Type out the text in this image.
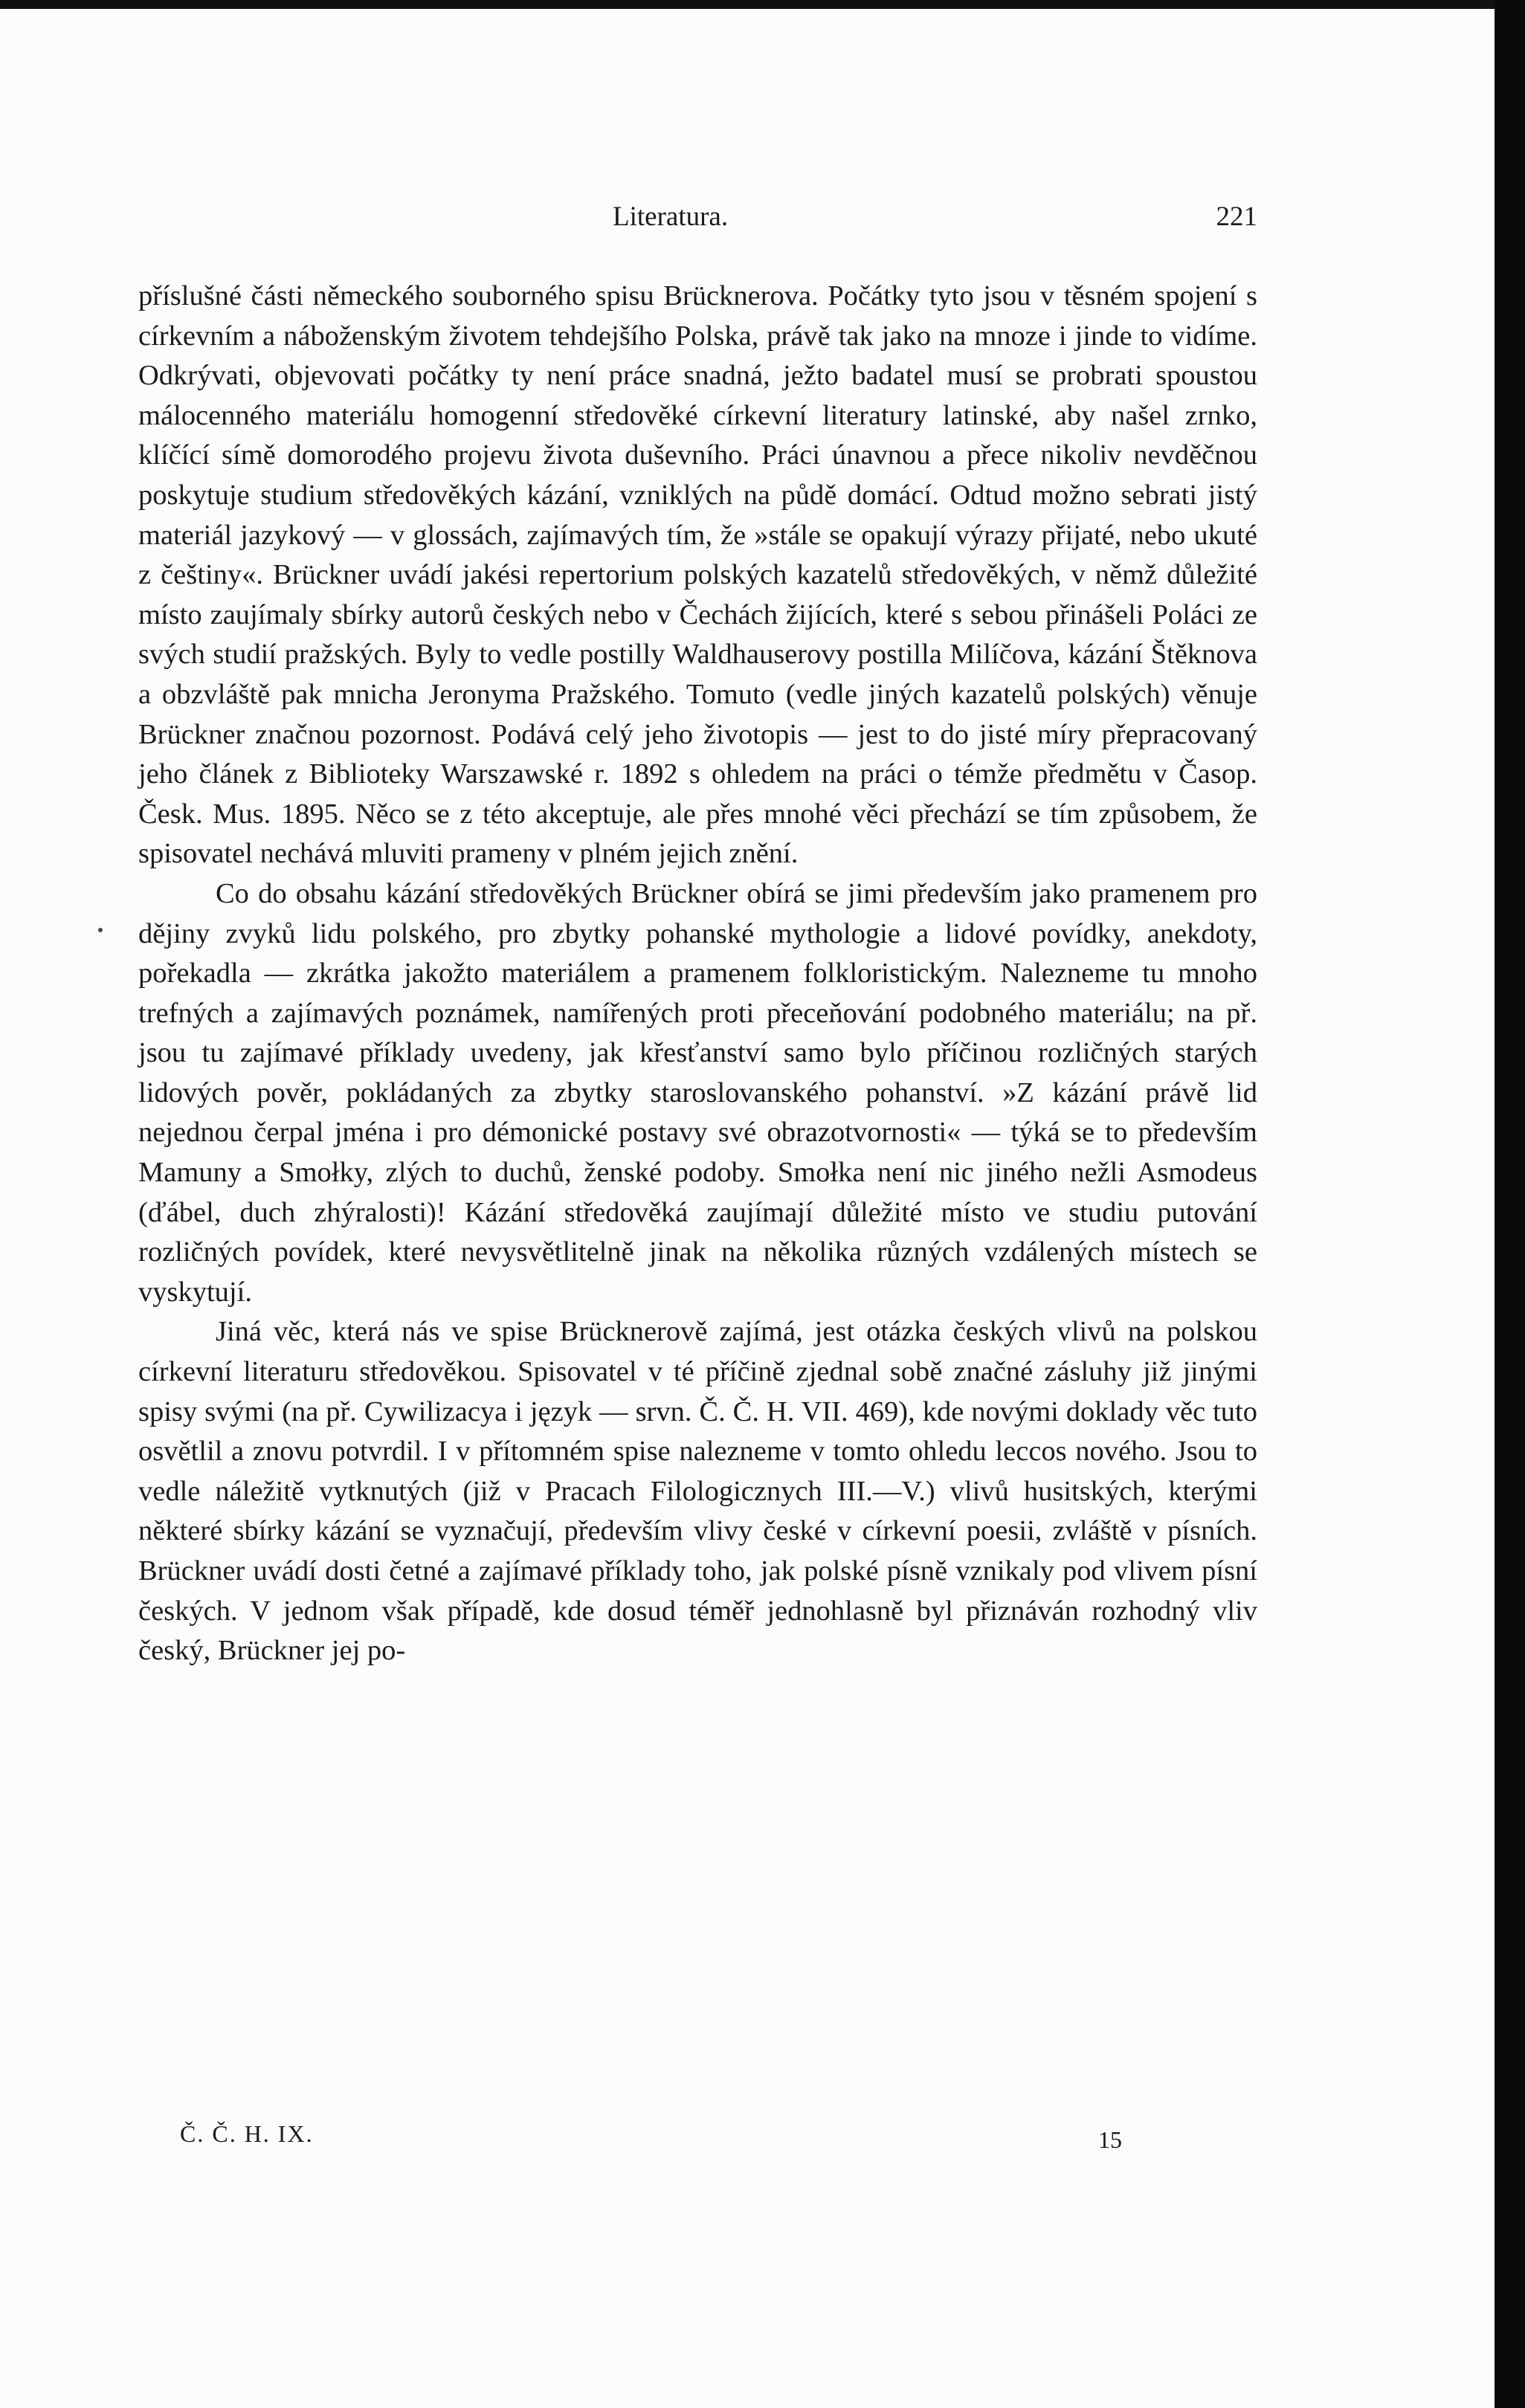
Literatura.	221

příslušné části německého souborného spisu Brücknerova. Počátky tyto jsou v těsném spojení s církevním a náboženským životem tehdejšího Polska, právě tak jako na mnoze i jinde to vidíme. Odkrývati, objevovati počátky ty není práce snadná, ježto badatel musí se probrati spoustou málocenného materiálu homogenní středověké církevní literatury latinské, aby našel zrnko, klíčící símě domorodého projevu života duševního. Práci únavnou a přece nikoliv nevděčnou poskytuje studium středověkých kázání, vzniklých na půdě domácí. Odtud možno sebrati jistý materiál jazykový — v glossách, zajímavých tím, že »stále se opakují výrazy přijaté, nebo ukuté z češtiny«. Brückner uvádí jakési repertorium polských kazatelů středověkých, v němž důležité místo zaujímaly sbírky autorů českých nebo v Čechách žijících, které s sebou přinášeli Poláci ze svých studií pražských. Byly to vedle postilly Waldhauserovy postilla Milíčova, kázání Štěknova a obzvláště pak mnicha Jeronyma Pražského. Tomuto (vedle jiných kazatelů polských) věnuje Brückner značnou pozornost. Podává celý jeho životopis — jest to do jisté míry přepracovaný jeho článek z Biblioteky Warszawské r. 1892 s ohledem na práci o témže předmětu v Časop. Česk. Mus. 1895. Něco se z této akceptuje, ale přes mnohé věci přechází se tím způsobem, že spisovatel nechává mluviti prameny v plném jejich znění.

Co do obsahu kázání středověkých Brückner obírá se jimi především jako pramenem pro dějiny zvyků lidu polského, pro zbytky pohanské mythologie a lidové povídky, anekdoty, pořekadla — zkrátka jakožto materiálem a pramenem folkloristickým. Nalezneme tu mnoho trefných a zajímavých poznámek, namířených proti přeceňování podobného materiálu; na př. jsou tu zajímavé příklady uvedeny, jak křesťanství samo bylo příčinou rozličných starých lidových pověr, pokládaných za zbytky staroslovanského pohanství. »Z kázání právě lid nejednou čerpal jména i pro démonické postavy své obrazotvornosti« — týká se to především Mamuny a Smołky, zlých to duchů, ženské podoby. Smołka není nic jiného nežli Asmodeus (ďábel, duch zhýralosti)! Kázání středověká zaujímají důležité místo ve studiu putování rozličných povídek, které nevysvětlitelně jinak na několika různých vzdálených místech se vyskytují.

Jiná věc, která nás ve spise Brücknerově zajímá, jest otázka českých vlivů na polskou církevní literaturu středověkou. Spisovatel v té příčině zjednal sobě značné zásluhy již jinými spisy svými (na př. Cywilizacya i język — srvn. Č. Č. H. VII. 469), kde novými doklady věc tuto osvětlil a znovu potvrdil. I v přítomném spise nalezneme v tomto ohledu leccos nového. Jsou to vedle náležitě vytknutých (již v Pracach Filologicznych III.—V.) vlivů husitských, kterými některé sbírky kázání se vyznačují, především vlivy české v církevní poesii, zvláště v písních. Brückner uvádí dosti četné a zajímavé příklady toho, jak polské písně vznikaly pod vlivem písní českých. V jednom však případě, kde dosud téměř jednohlasně byl přiznáván rozhodný vliv český, Brückner jej po-

Č. Č. H. IX.	15
